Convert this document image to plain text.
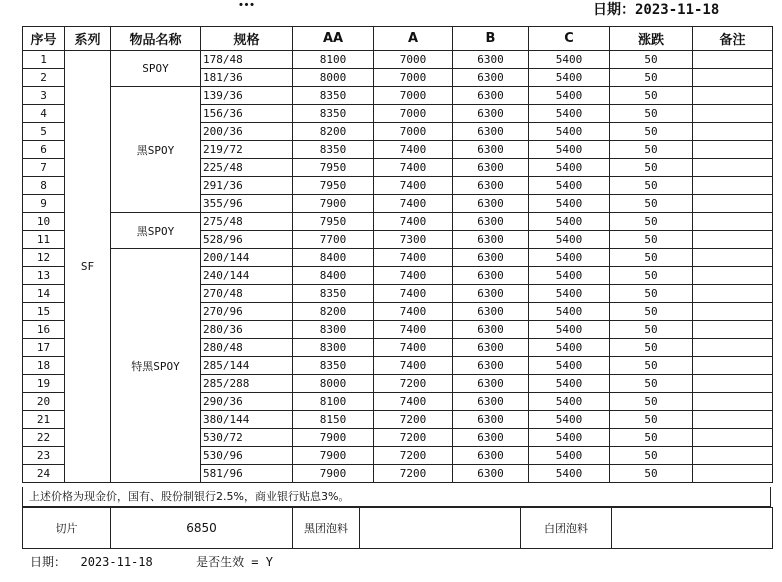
…	日期：2023-11-18
序号	系列	物品名称	规格	AA	A	B	C	涨跌	备注
1	SF	SPOY	178/48	8100	7000	6300	5400	50	
2			181/36	8000	7000	6300	5400	50	
3		黑SPOY	139/36	8350	7000	6300	5400	50	
4			156/36	8350	7000	6300	5400	50	
5			200/36	8200	7000	6300	5400	50	
6			219/72	8350	7400	6300	5400	50	
7			225/48	7950	7400	6300	5400	50	
8			291/36	7950	7400	6300	5400	50	
9			355/96	7900	7400	6300	5400	50	
10		黑SPOY	275/48	7950	7400	6300	5400	50	
11			528/96	7700	7300	6300	5400	50	
12		特黑SPOY	200/144	8400	7400	6300	5400	50	
13			240/144	8400	7400	6300	5400	50	
14			270/48	8350	7400	6300	5400	50	
15			270/96	8200	7400	6300	5400	50	
16			280/36	8300	7400	6300	5400	50	
17			280/48	8300	7400	6300	5400	50	
18			285/144	8350	7400	6300	5400	50	
19			285/288	8000	7200	6300	5400	50	
20			290/36	8100	7400	6300	5400	50	
21			380/144	8150	7200	6300	5400	50	
22			530/72	7900	7200	6300	5400	50	
23			530/96	7900	7200	6300	5400	50	
24			581/96	7900	7200	6300	5400	50	
上述价格为现金价，国有、股份制银行2.5%，商业银行贴息3%。
切片	6850	黑团泡料		白团泡料	
日期： 2023-11-18	是否生效 = Y
